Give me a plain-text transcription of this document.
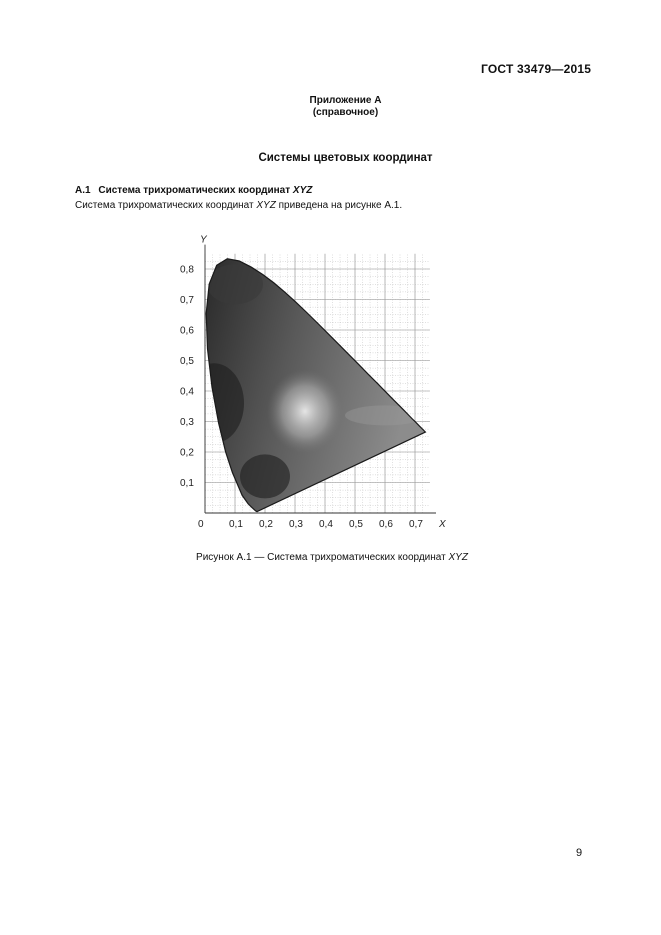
ГОСТ 33479—2015
Приложение А
(справочное)
Системы цветовых координат
А.1 Система трихроматических координат XYZ
Система трихроматических координат XYZ приведена на рисунке А.1.
0	0,1 0,2 0,3 0,4 0,5 0,6 0,7
0,1
0,2
0,3
0,4
0,5
0,6
0,7
0,8
Y
X
Рисунок А.1 — Система трихроматических координат XYZ
9
